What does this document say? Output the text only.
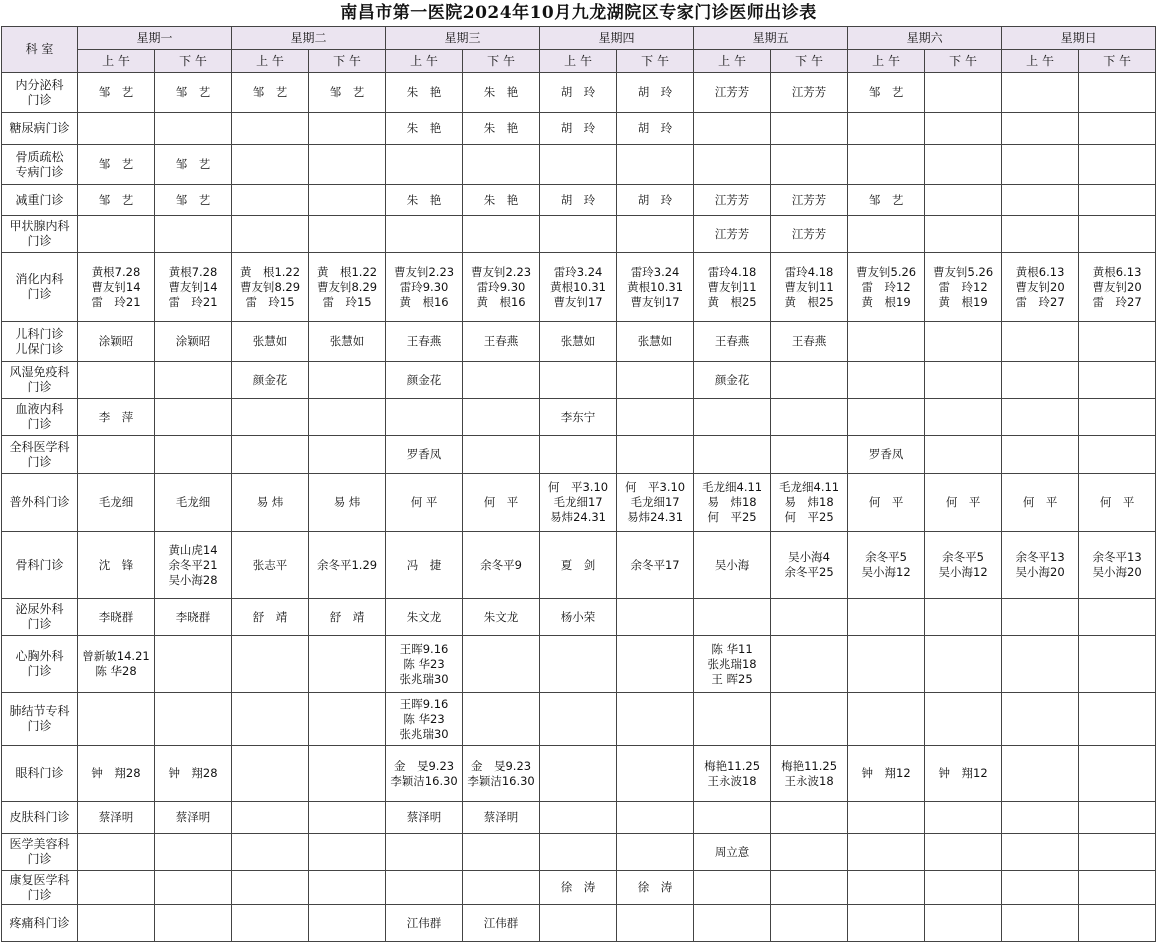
南昌市第一医院2024年10月九龙湖院区专家门诊医师出诊表
科 室	星期一		星期二		星期三		星期四		星期五		星期六		星期日	
	上 午	下 午	上 午	下 午	上 午	下 午	上 午	下 午	上 午	下 午	上 午	下 午	上 午	下 午

内分泌科
门诊	邹　艺	邹　艺	邹　艺	邹　艺	朱　艳	朱　艳	胡　玲	胡　玲	江芳芳	江芳芳	邹　艺			

糖尿病门诊					朱　艳	朱　艳	胡　玲	胡　玲						

骨质疏松
专病门诊	邹　艺	邹　艺												

减重门诊	邹　艺	邹　艺			朱　艳	朱　艳	胡　玲	胡　玲	江芳芳	江芳芳	邹　艺			

甲状腺内科
门诊									江芳芳	江芳芳				

消化内科
门诊	黄根7.28
曹友钊14
雷　玲21	黄根7.28
曹友钊14
雷　玲21	黄　根1.22
曹友钊8.29
雷　玲15	黄　根1.22
曹友钊8.29
雷　玲15	曹友钊2.23
雷玲9.30
黄　根16	曹友钊2.23
雷玲9.30
黄　根16	雷玲3.24
黄根10.31
曹友钊17	雷玲3.24
黄根10.31
曹友钊17	雷玲4.18
曹友钊11
黄　根25	雷玲4.18
曹友钊11
黄　根25	曹友钊5.26
雷　玲12
黄　根19	曹友钊5.26
雷　玲12
黄　根19	黄根6.13
曹友钊20
雷　玲27	黄根6.13
曹友钊20
雷　玲27

儿科门诊
儿保门诊	涂颖昭	涂颖昭	张慧如	张慧如	王春燕	王春燕	张慧如	张慧如	王春燕	王春燕				

风湿免疫科
门诊			颜金花		颜金花				颜金花					

血液内科
门诊	李　萍						李东宁							

全科医学科
门诊					罗香凤						罗香凤			

普外科门诊	毛龙细	毛龙细	易 炜	易 炜	何 平	何　平	何　平3.10
毛龙细17
易炜24.31	何　平3.10
毛龙细17
易炜24.31	毛龙细4.11
易　炜18
何　平25	毛龙细4.11
易　炜18
何　平25	何　平	何　平	何　平	何　平

骨科门诊	沈　锋	黄山虎14
余冬平21
吴小海28	张志平	余冬平1.29	冯　捷	余冬平9	夏　剑	余冬平17	吴小海	吴小海4
余冬平25	余冬平5
吴小海12	余冬平5
吴小海12	余冬平13
吴小海20	余冬平13
吴小海20

泌尿外科
门诊	李晓群	李晓群	舒　靖	舒　靖	朱文龙	朱文龙	杨小荣							

心胸外科
门诊	曾新敏14.21
陈 华28				王晖9.16
陈 华23
张兆瑞30				陈 华11
张兆瑞18
王 晖25					

肺结节专科
门诊					王晖9.16
陈 华23
张兆瑞30									

眼科门诊	钟　翔28	钟　翔28			金　旻9.23
李颖洁16.30	金　旻9.23
李颖洁16.30			梅艳11.25
王永波18	梅艳11.25
王永波18	钟　翔12	钟　翔12		

皮肤科门诊	蔡泽明	蔡泽明			蔡泽明	蔡泽明								

医学美容科
门诊									周立意					

康复医学科
门诊							徐　涛	徐　涛						

疼痛科门诊					江伟群	江伟群								
